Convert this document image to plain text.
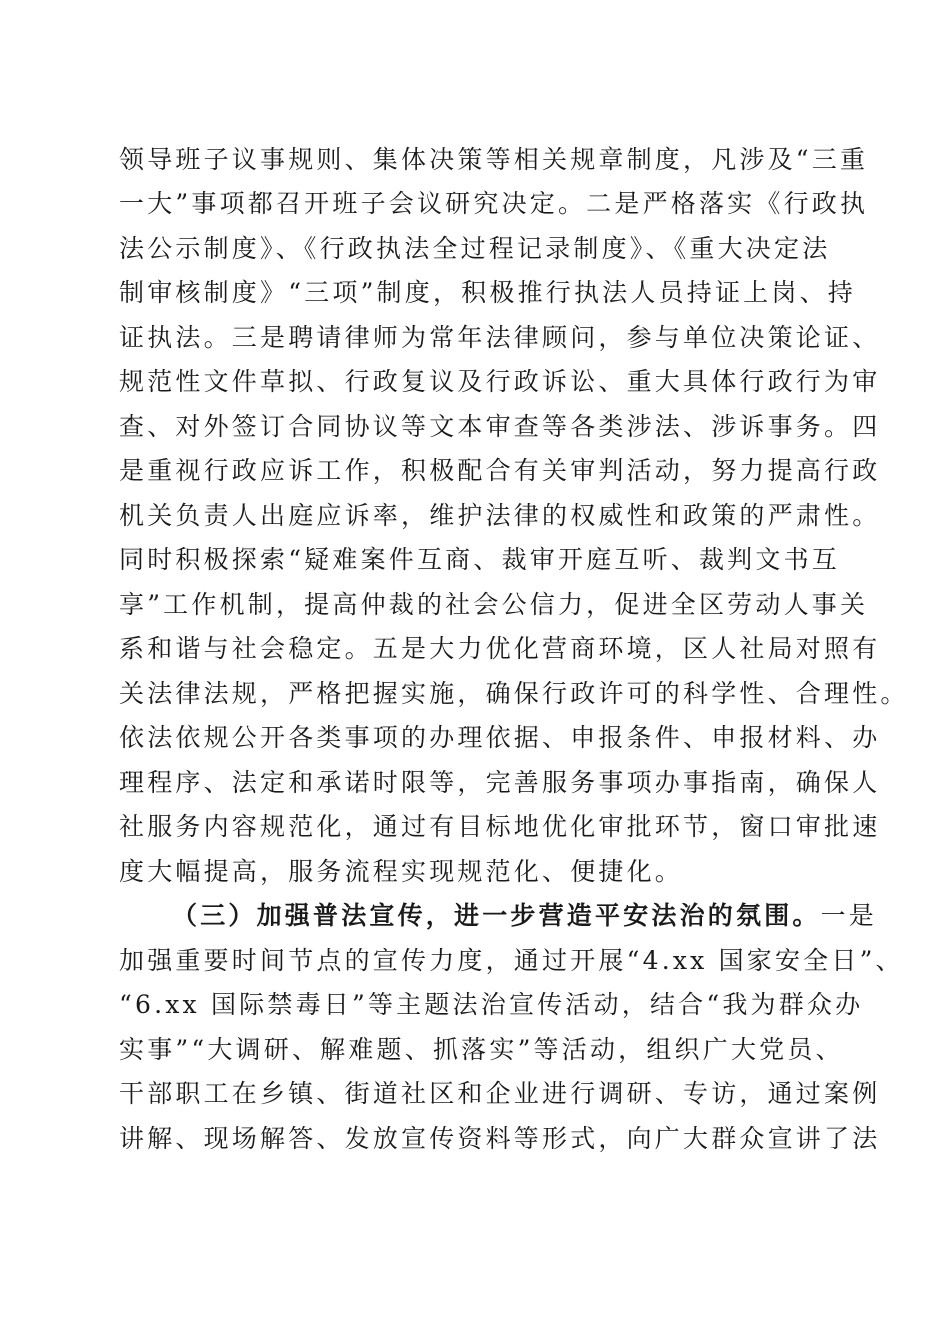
领导班子议事规则、集体决策等相关规章制度，凡涉及“三重
一大”事项都召开班子会议研究决定。二是严格落实《行政执
法公示制度》、《行政执法全过程记录制度》、《重大决定法
制审核制度》“三项”制度，积极推行执法人员持证上岗、持
证执法。三是聘请律师为常年法律顾问，参与单位决策论证、
规范性文件草拟、行政复议及行政诉讼、重大具体行政行为审
查、对外签订合同协议等文本审查等各类涉法、涉诉事务。四
是重视行政应诉工作，积极配合有关审判活动，努力提高行政
机关负责人出庭应诉率，维护法律的权威性和政策的严肃性。
同时积极探索“疑难案件互商、裁审开庭互听、裁判文书互
享”工作机制，提高仲裁的社会公信力，促进全区劳动人事关
系和谐与社会稳定。五是大力优化营商环境，区人社局对照有
关法律法规，严格把握实施，确保行政许可的科学性、合理性。
依法依规公开各类事项的办理依据、申报条件、申报材料、办
理程序、法定和承诺时限等，完善服务事项办事指南，确保人
社服务内容规范化，通过有目标地优化审批环节，窗口审批速
度大幅提高，服务流程实现规范化、便捷化。
（三）加强普法宣传，进一步营造平安法治的氛围。一是
加强重要时间节点的宣传力度，通过开展“4.xx 国家安全日”、
“6.xx 国际禁毒日”等主题法治宣传活动，结合“我为群众办
实事”“大调研、解难题、抓落实”等活动，组织广大党员、
干部职工在乡镇、街道社区和企业进行调研、专访，通过案例
讲解、现场解答、发放宣传资料等形式，向广大群众宣讲了法
